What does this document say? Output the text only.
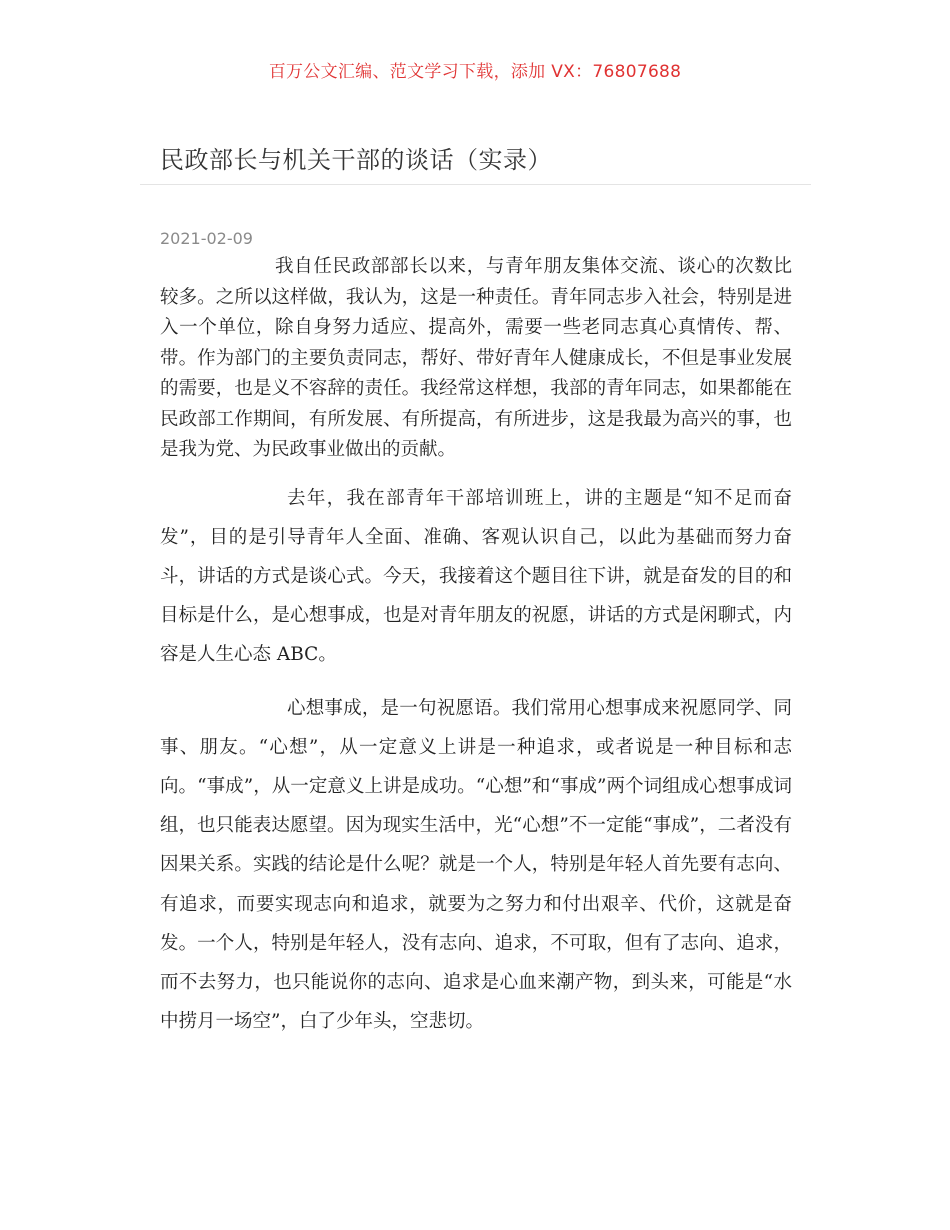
百万公文汇编、范文学习下载，添加 VX：76807688
民政部长与机关干部的谈话（实录）
2021-02-09

我自任民政部部长以来，与青年朋友集体交流、谈心的次数比较多。之所以这样做，我认为，这是一种责任。青年同志步入社会，特别是进入一个单位，除自身努力适应、提高外，需要一些老同志真心真情传、帮、带。作为部门的主要负责同志，帮好、带好青年人健康成长，不但是事业发展的需要，也是义不容辞的责任。我经常这样想，我部的青年同志，如果都能在民政部工作期间，有所发展、有所提高，有所进步，这是我最为高兴的事，也是我为党、为民政事业做出的贡献。

去年，我在部青年干部培训班上，讲的主题是“知不足而奋发”，目的是引导青年人全面、准确、客观认识自己，以此为基础而努力奋斗，讲话的方式是谈心式。今天，我接着这个题目往下讲，就是奋发的目的和目标是什么，是心想事成，也是对青年朋友的祝愿，讲话的方式是闲聊式，内容是人生心态 ABC。

心想事成，是一句祝愿语。我们常用心想事成来祝愿同学、同事、朋友。“心想”，从一定意义上讲是一种追求，或者说是一种目标和志向。“事成”，从一定意义上讲是成功。“心想”和“事成”两个词组成心想事成词组，也只能表达愿望。因为现实生活中，光“心想”不一定能“事成”，二者没有因果关系。实践的结论是什么呢？就是一个人，特别是年轻人首先要有志向、有追求，而要实现志向和追求，就要为之努力和付出艰辛、代价，这就是奋发。一个人，特别是年轻人，没有志向、追求，不可取，但有了志向、追求，而不去努力，也只能说你的志向、追求是心血来潮产物，到头来，可能是“水中捞月一场空”，白了少年头，空悲切。
